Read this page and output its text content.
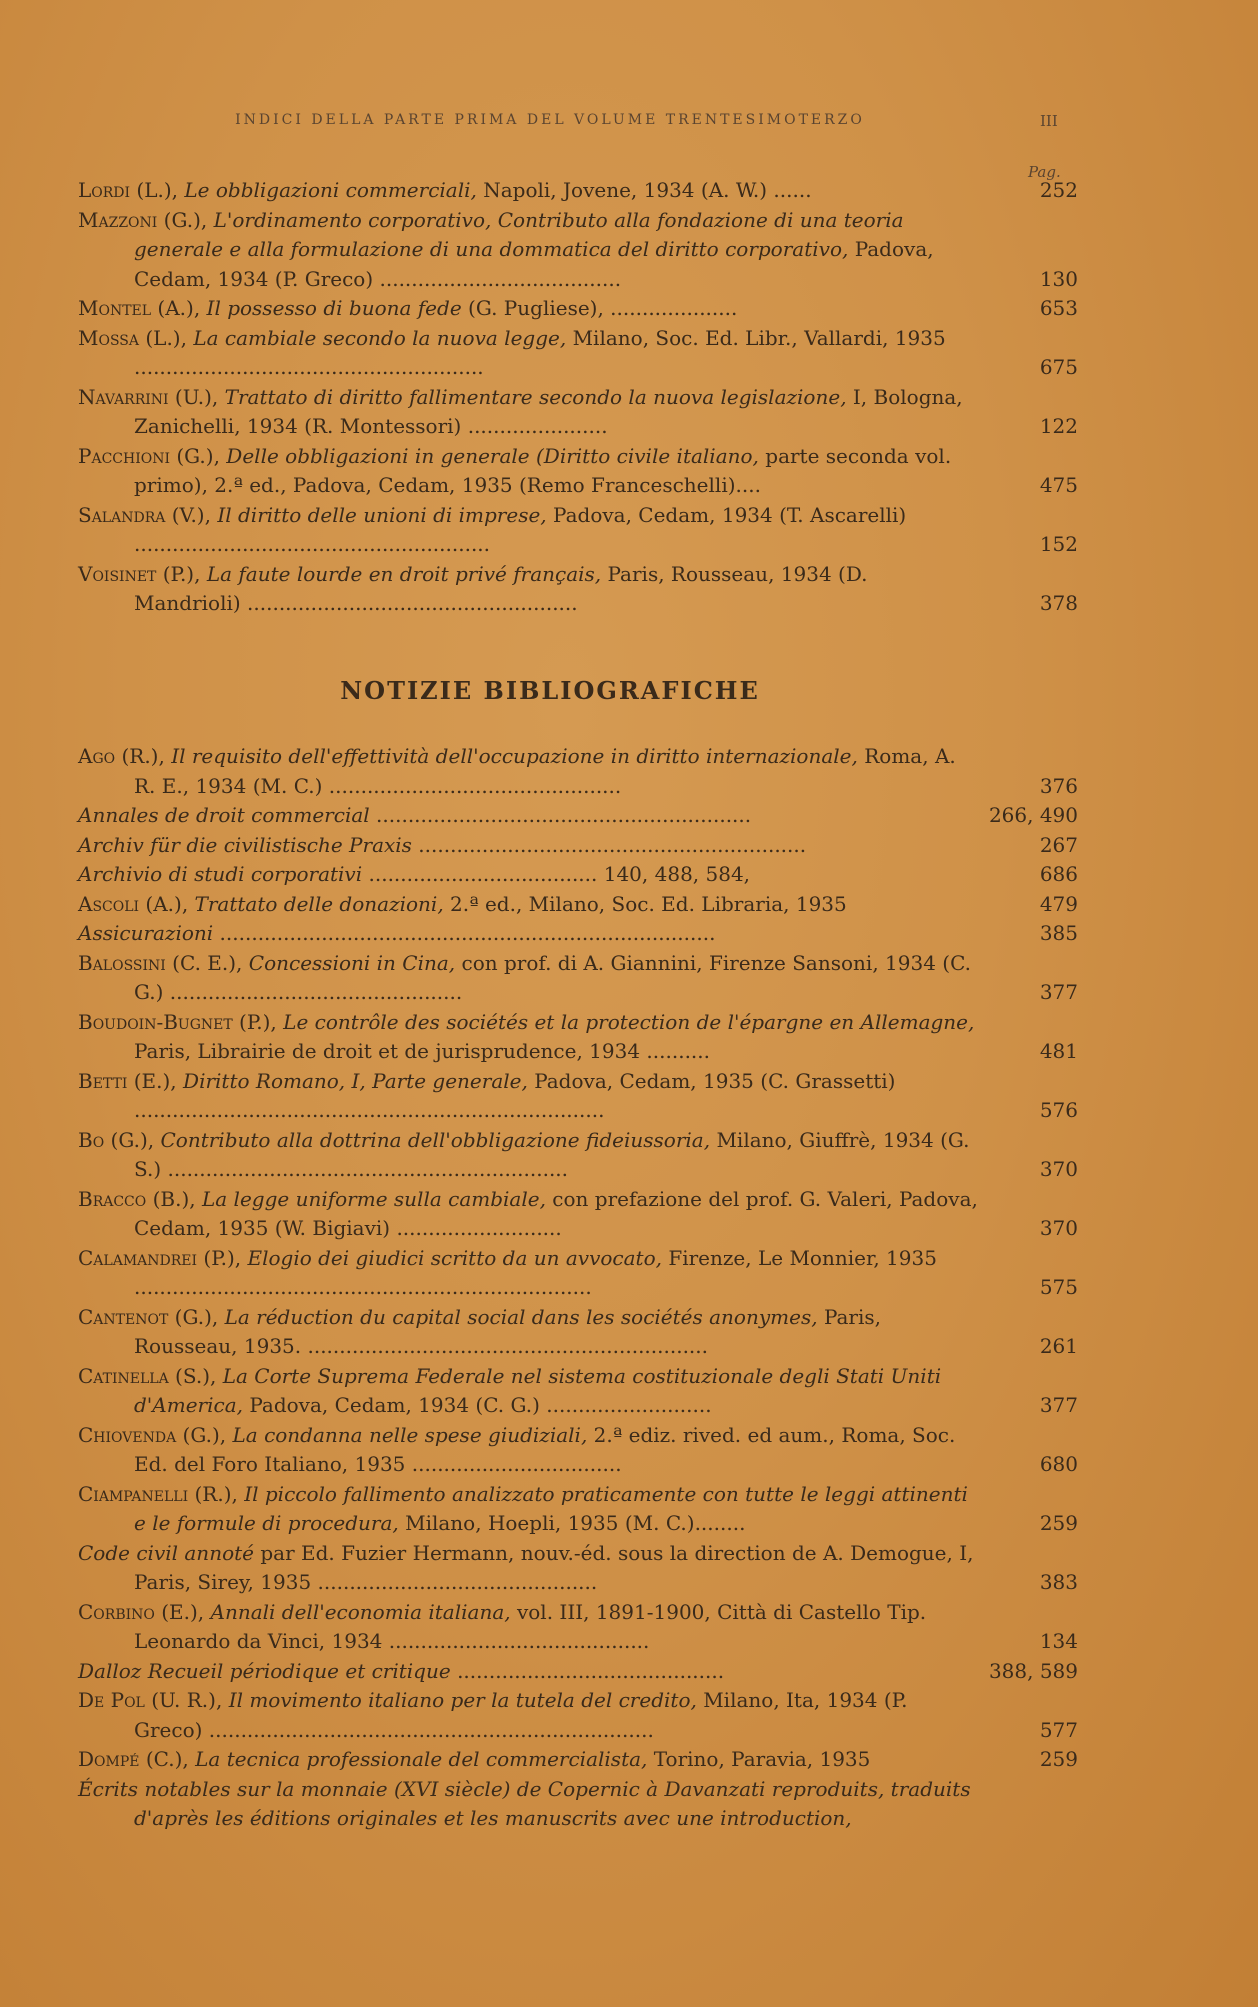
INDICI DELLA PARTE PRIMA DEL VOLUME TRENTESIMOTERZO	III
Pag.
Lordi (L.), Le obbligazioni commerciali, Napoli, Jovene, 1934 (A. W.) ......	252
Mazzoni (G.), L'ordinamento corporativo, Contributo alla fondazione di una teoria generale e alla formulazione di una dommatica del diritto corporativo, Padova, Cedam, 1934 (P. Greco) ......................................	130
Montel (A.), Il possesso di buona fede (G. Pugliese), ....................	653
Mossa (L.), La cambiale secondo la nuova legge, Milano, Soc. Ed. Libr., Vallardi, 1935 .......................................................	675
Navarrini (U.), Trattato di diritto fallimentare secondo la nuova legislazione, I, Bologna, Zanichelli, 1934 (R. Montessori) ......................	122
Pacchioni (G.), Delle obbligazioni in generale (Diritto civile italiano, parte seconda vol. primo), 2.ª ed., Padova, Cedam, 1935 (Remo Franceschelli)....	475
Salandra (V.), Il diritto delle unioni di imprese, Padova, Cedam, 1934 (T. Ascarelli) ........................................................	152
Voisinet (P.), La faute lourde en droit privé français, Paris, Rousseau, 1934 (D. Mandrioli) ....................................................	378
NOTIZIE BIBLIOGRAFICHE
Ago (R.), Il requisito dell'effettività dell'occupazione in diritto internazionale, Roma, A. R. E., 1934 (M. C.) ..............................................	376
Annales de droit commercial ...........................................................	266, 490
Archiv für die civilistische Praxis .............................................................	267
Archivio di studi corporativi .................................... 140, 488, 584,	686
Ascoli (A.), Trattato delle donazioni, 2.ª ed., Milano, Soc. Ed. Libraria, 1935	479
Assicurazioni ..............................................................................	385
Balossini (C. E.), Concessioni in Cina, con prof. di A. Giannini, Firenze Sansoni, 1934 (C. G.) ..............................................	377
Boudoin-Bugnet (P.), Le contrôle des sociétés et la protection de l'épargne en Allemagne, Paris, Librairie de droit et de jurisprudence, 1934 ..........	481
Betti (E.), Diritto Romano, I, Parte generale, Padova, Cedam, 1935 (C. Grassetti) ..........................................................................	576
Bo (G.), Contributo alla dottrina dell'obbligazione fideiussoria, Milano, Giuffrè, 1934 (G. S.) ...............................................................	370
Bracco (B.), La legge uniforme sulla cambiale, con prefazione del prof. G. Valeri, Padova, Cedam, 1935 (W. Bigiavi) ..........................	370
Calamandrei (P.), Elogio dei giudici scritto da un avvocato, Firenze, Le Monnier, 1935 ........................................................................	575
Cantenot (G.), La réduction du capital social dans les sociétés anonymes, Paris, Rousseau, 1935. ...............................................................	261
Catinella (S.), La Corte Suprema Federale nel sistema costituzionale degli Stati Uniti d'America, Padova, Cedam, 1934 (C. G.) ..........................	377
Chiovenda (G.), La condanna nelle spese giudiziali, 2.ª ediz. rived. ed aum., Roma, Soc. Ed. del Foro Italiano, 1935 .................................	680
Ciampanelli (R.), Il piccolo fallimento analizzato praticamente con tutte le leggi attinenti e le formule di procedura, Milano, Hoepli, 1935 (M. C.)........	259
Code civil annoté par Ed. Fuzier Hermann, nouv.-éd. sous la direction de A. Demogue, I, Paris, Sirey, 1935 ............................................	383
Corbino (E.), Annali dell'economia italiana, vol. III, 1891-1900, Città di Castello Tip. Leonardo da Vinci, 1934 .........................................	134
Dalloz Recueil périodique et critique ..........................................	388, 589
De Pol (U. R.), Il movimento italiano per la tutela del credito, Milano, Ita, 1934 (P. Greco) ......................................................................	577
Dompé (C.), La tecnica professionale del commercialista, Torino, Paravia, 1935	259
Écrits notables sur la monnaie (XVI siècle) de Copernic à Davanzati reproduits, traduits d'après les éditions originales et les manuscrits avec une introduction,
